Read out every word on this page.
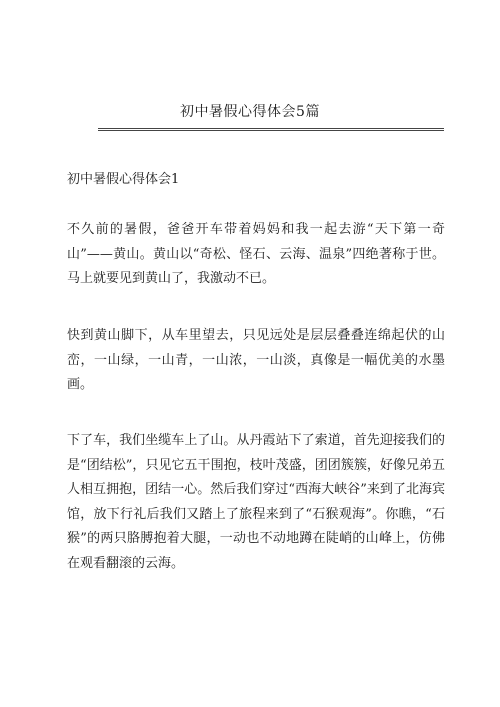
初中暑假心得体会5篇
初中暑假心得体会1

不久前的暑假，爸爸开车带着妈妈和我一起去游“天下第一奇山”——黄山。黄山以“奇松、怪石、云海、温泉”四绝著称于世。马上就要见到黄山了，我激动不已。

快到黄山脚下，从车里望去，只见远处是层层叠叠连绵起伏的山峦，一山绿，一山青，一山浓，一山淡，真像是一幅优美的水墨画。

下了车，我们坐缆车上了山。从丹霞站下了索道，首先迎接我们的是“团结松”，只见它五干围抱，枝叶茂盛，团团簇簇，好像兄弟五人相互拥抱，团结一心。然后我们穿过“西海大峡谷”来到了北海宾馆，放下行礼后我们又踏上了旅程来到了“石猴观海”。你瞧，“石猴”的两只胳膊抱着大腿，一动也不动地蹲在陡峭的山峰上，仿佛在观看翻滚的云海。
